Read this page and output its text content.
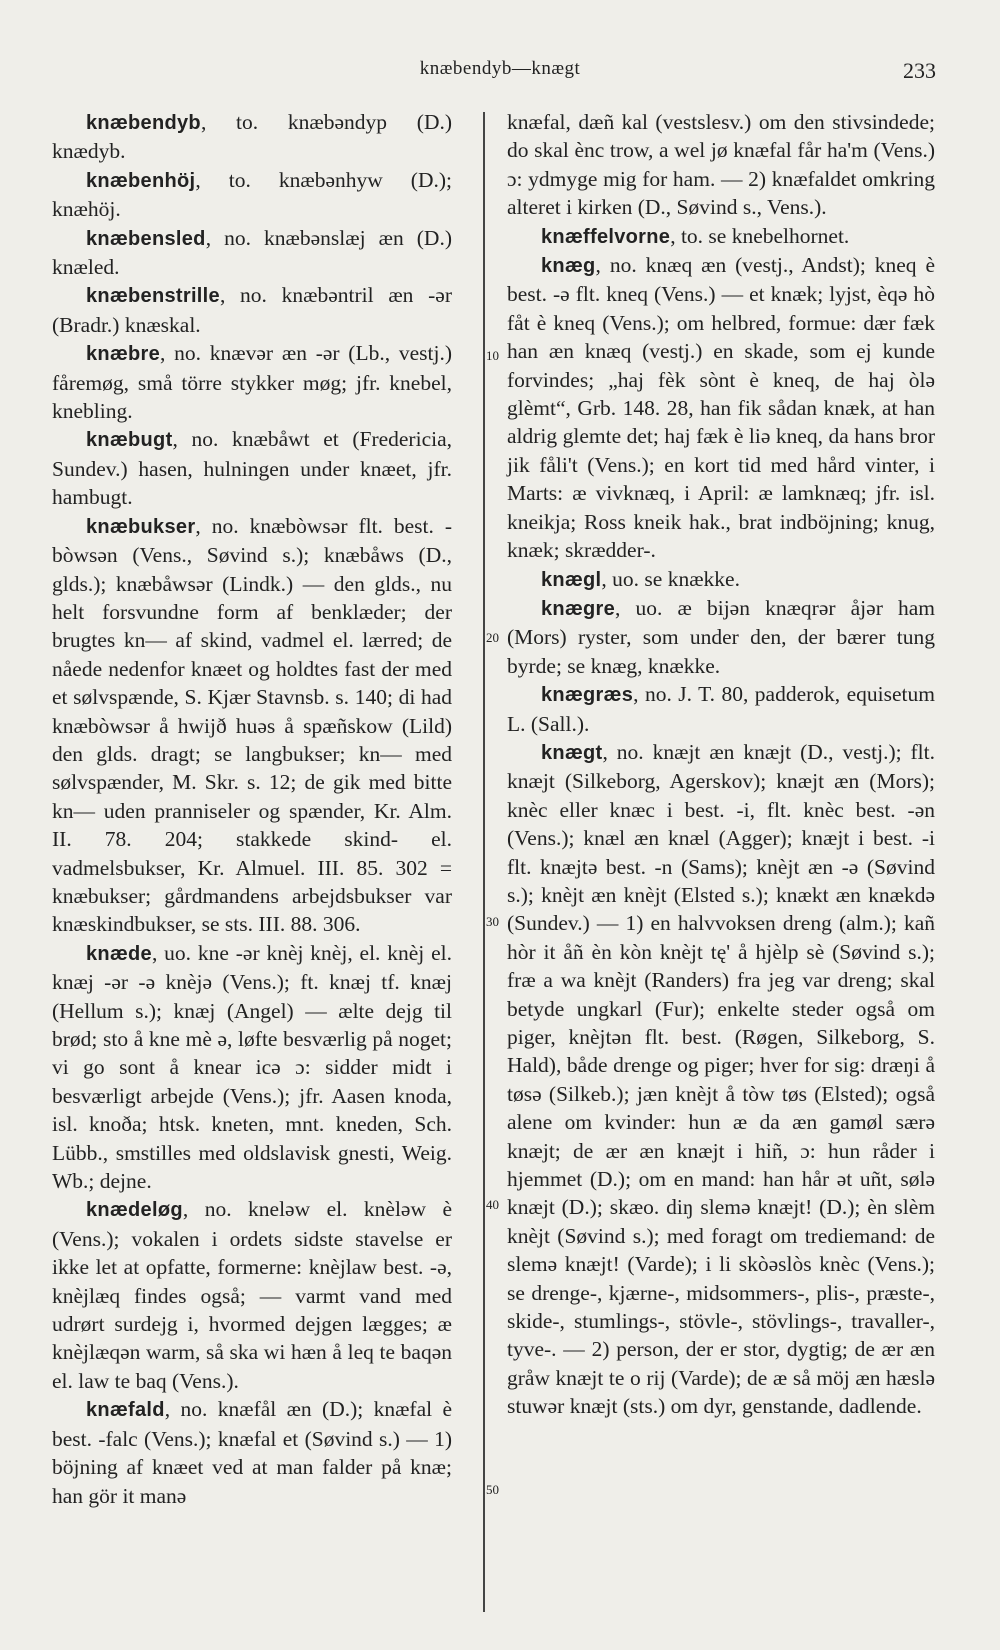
knæbendyb—knægt	233

knæbendyb, to. knæbəndyp (D.) knædyb.

knæbenhöj, to. knæbənhyw (D.); knæhöj.

knæbensled, no. knæbənslæj æn (D.) knæled.

knæbenstrille, no. knæbəntril æn -ər (Bradr.) knæskal.

knæbre, no. knævər æn -ər (Lb., vestj.) fåremøg, små törre stykker møg; jfr. knebel, knebling.

knæbugt, no. knæbåwt et (Fredericia, Sundev.) hasen, hulningen under knæet, jfr. hambugt.

knæbukser, no. knæbòwsər flt. best. -bòwsən (Vens., Søvind s.); knæbåws (D., glds.); knæbåwsər (Lindk.) — den glds., nu helt forsvundne form af benklæder; der brugtes kn— af skind, vadmel el. lærred; de nåede nedenfor knæet og holdtes fast der med et sølvspænde, S. Kjær Stavnsb. s. 140; di had knæbòwsər å hwijð huəs å spæñskow (Lild) den glds. dragt; se langbukser; kn— med sølvspænder, M. Skr. s. 12; de gik med bitte kn— uden pranniseler og spænder, Kr. Alm. II. 78. 204; stakkede skind- el. vadmelsbukser, Kr. Almuel. III. 85. 302 = knæbukser; gårdmandens arbejdsbukser var knæskindbukser, se sts. III. 88. 306.

knæde, uo. kne -ər knèj knèj, el. knèj el. knæj -ər -ə knèjə (Vens.); ft. knæj tf. knæj (Hellum s.); knæj (Angel) — ælte dejg til brød; sto å kne mè ə, løfte besværlig på noget; vi go sont å knear icə ɔ: sidder midt i besværligt arbejde (Vens.); jfr. Aasen knoda, isl. knoða; htsk. kneten, mnt. kneden, Sch. Lübb., smstilles med oldslavisk gnesti, Weig. Wb.; dejne.

knædeløg, no. kneləw el. knèləw è (Vens.); vokalen i ordets sidste stavelse er ikke let at opfatte, formerne: knèjlaw best. -ə, knèjlæq findes også; — varmt vand med udrørt surdejg i, hvormed dejgen lægges; æ knèjlæqən warm, så ska wi hæn å leq te baqən el. law te baq (Vens.).

knæfald, no. knæfål æn (D.); knæfal è best. -falc (Vens.); knæfal et (Søvind s.) — 1) böjning af knæet ved at man falder på knæ; han gör it manə

10
20
30
40
50

knæfal, dæñ kal (vestslesv.) om den stivsindede; do skal ènc trow, a wel jø knæfal får ha'm (Vens.) ɔ: ydmyge mig for ham. — 2) knæfaldet omkring alteret i kirken (D., Søvind s., Vens.).

knæffelvorne, to. se knebelhornet.

knæg, no. knæq æn (vestj., Andst); kneq è best. -ə flt. kneq (Vens.) — et knæk; lyjst, èqə hò fåt è kneq (Vens.); om helbred, formue: dær fæk han æn knæq (vestj.) en skade, som ej kunde forvindes; „haj fèk sònt è kneq, de haj òlə glèmt“, Grb. 148. 28, han fik sådan knæk, at han aldrig glemte det; haj fæk è liə kneq, da hans bror jik fåli't (Vens.); en kort tid med hård vinter, i Marts: æ vivknæq, i April: æ lamknæq; jfr. isl. kneikja; Ross kneik hak., brat indböjning; knug, knæk; skrædder-.

knægl, uo. se knække.

knægre, uo. æ bijən knæqrər åjər ham (Mors) ryster, som under den, der bærer tung byrde; se knæg, knække.

knægræs, no. J. T. 80, padderok, equisetum L. (Sall.).

knægt, no. knæjt æn knæjt (D., vestj.); flt. knæjt (Silkeborg, Agerskov); knæjt æn (Mors); knèc eller knæc i best. -i, flt. knèc best. -ən (Vens.); knæl æn knæl (Agger); knæjt i best. -i flt. knæjtə best. -n (Sams); knèjt æn -ə (Søvind s.); knèjt æn knèjt (Elsted s.); knækt æn knækdə (Sundev.) — 1) en halvvoksen dreng (alm.); kañ hòr it åñ èn kòn knèjt tę' å hjèlp sè (Søvind s.); fræ a wa knèjt (Randers) fra jeg var dreng; skal betyde ungkarl (Fur); enkelte steder også om piger, knèjtən flt. best. (Røgen, Silkeborg, S. Hald), både drenge og piger; hver for sig: dræŋi å tøsə (Silkeb.); jæn knèjt å tòw tøs (Elsted); også alene om kvinder: hun æ da æn gamøl særə knæjt; de ær æn knæjt i hiñ, ɔ: hun råder i hjemmet (D.); om en mand: han hår ət uñt, sølə knæjt (D.); skæo. diŋ slemə knæjt! (D.); èn slèm knèjt (Søvind s.); med foragt om trediemand: de slemə knæjt! (Varde); i li skòəslòs knèc (Vens.); se drenge-, kjærne-, midsommers-, plis-, præste-, skide-, stumlings-, stövle-, stövlings-, travaller-, tyve-. — 2) person, der er stor, dygtig; de ær æn gråw knæjt te o rij (Varde); de æ så möj æn hæslə stuwər knæjt (sts.) om dyr, genstande, dadlende.
